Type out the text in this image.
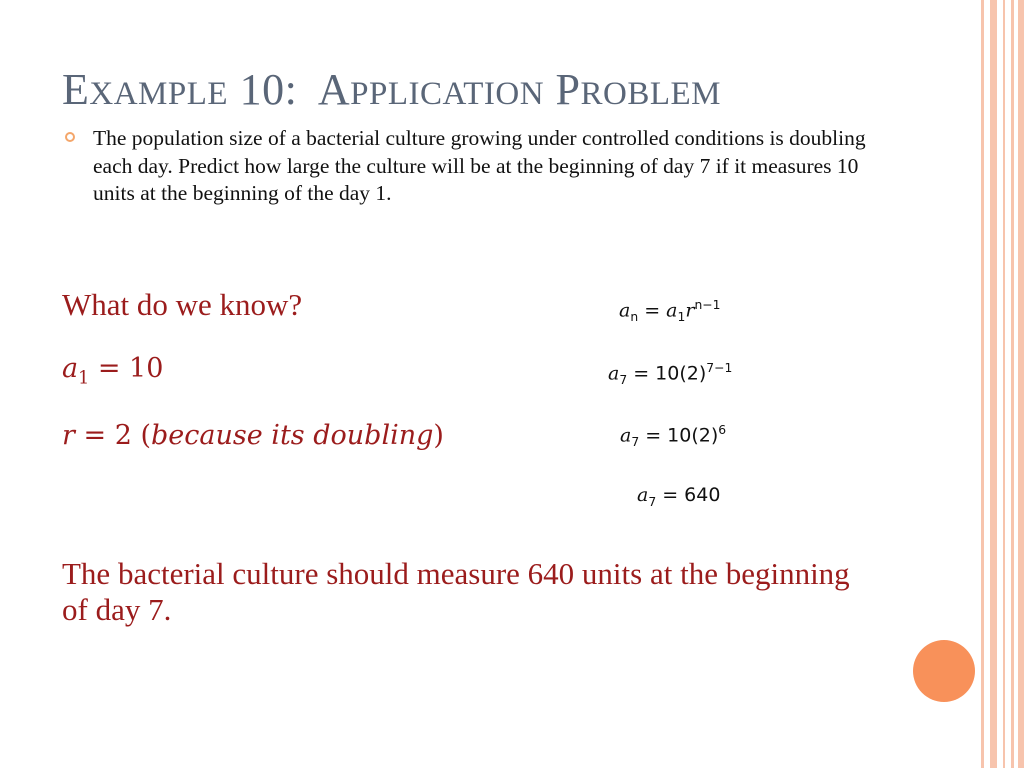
EXAMPLE 10: APPLICATION PROBLEM
The population size of a bacterial culture growing under controlled conditions is doubling each day. Predict how large the culture will be at the beginning of day 7 if it measures 10 units at the beginning of the day 1.
What do we know?
$a_1 = 10$
r = 2 (because its doubling)
$a_n = a_1r^{n-1}$
$a_7 = 10(2)^{7-1}$
$a_7 = 10(2)^6$
$a_7 = 640$
The bacterial culture should measure 640 units at the beginning of day 7.
